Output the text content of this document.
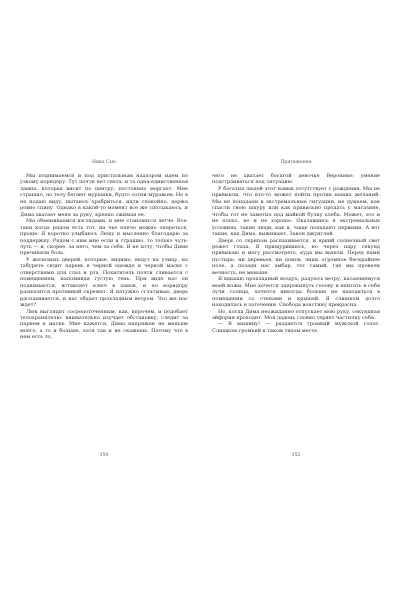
Ника Сью

Мы поднимаемся и под пристальным надзором идем по узкому коридору. Тут почти нет света, и та одна-единственная лампа, которая висит по центру, постоянно моргает. Мне страшно, по телу бегают мурашки, будто сотни муравьев. Но я не подаю виду, пытаюсь храбриться, идти спокойно, держа ровно спину. Однако в какой-то момент все же спотыкаюсь, и Дима хватает меня за руку, крепко сжимая ее.

Мы обмениваемся взглядами, и мне становится легче. Все-таки когда рядом есть тот, на чье плечо можно опереться, проще. Я коротко улыбаюсь Люку и мысленно благодарю за поддержку. Рядом с ним мне если и страшно, то только чуть-чуть — и, скорее, за него, чем за себя. Я не хочу, чтобы Диме причиняли боль.

У железных дверей, которые, видимо, ведут на улицу, на табурете сидит парень в черной одежде и черной маске с отверстиями для глаз и рта. Похититель почти сливается с помещением, напоминая густую тень. При виде нас он поднимается, вставляет ключ в замок, и по коридору разносится противный скрежет. Я натужно сглатываю, дверь распахивается, и нас обдает прохладным ветром. Что же нас ждет?

Люк выглядит сосредоточенным, как, впрочем, и подобает телохранителю: внимательно изучает обстановку, следит за парнем в маске. Мне кажется, Дима напряжен не меньше моего, а то и больше, хотя так и не скажешь. Потому что в нем есть то,

154
Притяжение

чего не хватает богатой девочке Веронике: умение подстраиваться под ситуацию.

У богатых людей этот навык отсутствует с рождения. Мы не привыкли, что кто-то может пойти против наших желаний. Мы не попадаем в экстремальные ситуации, не думаем, как спасти свою шкуру или как правильно продать у магазине, чтобы тот не заметил под майкой булку хлеба. Может, это и не плохо, но и не хорошо. Оказавшись в экстремальных условиях, такие люди, как я, чаще попадают первыми. А вот такие, как Дима, выживают. Закон джунглей.

Дверь со скрипом распахивается, и яркий солнечный свет режет глаза. Я прищуриваюсь, но через пару секунд привыкаю и могу рассмотреть, куда мы вышли. Перед нами пустырь: ни деревьев, ни домов, лишь огромное бескрайнее поле, а позади нас амбар, тот самый, где мы провели вечность, не меньше.

Я вдыхаю прохладный воздух, радуюсь ветру, касающемуся моей кожи. Мне хочется запрокинуть голову и впитать в себя лучи солнца, хочется никогда больше не находиться в помещении со стенами и крышей. Я слишком долго находилась в заточении. Свобода воистину прекрасна.

Но, когда Дима неожиданно отпускает мою руку, секундная эйфория проходит. Моя ладонь словно теряет частичку себя.

— В машину! — раздается громкий мужской голос. Слишком громкий в таком тихом месте.

155
